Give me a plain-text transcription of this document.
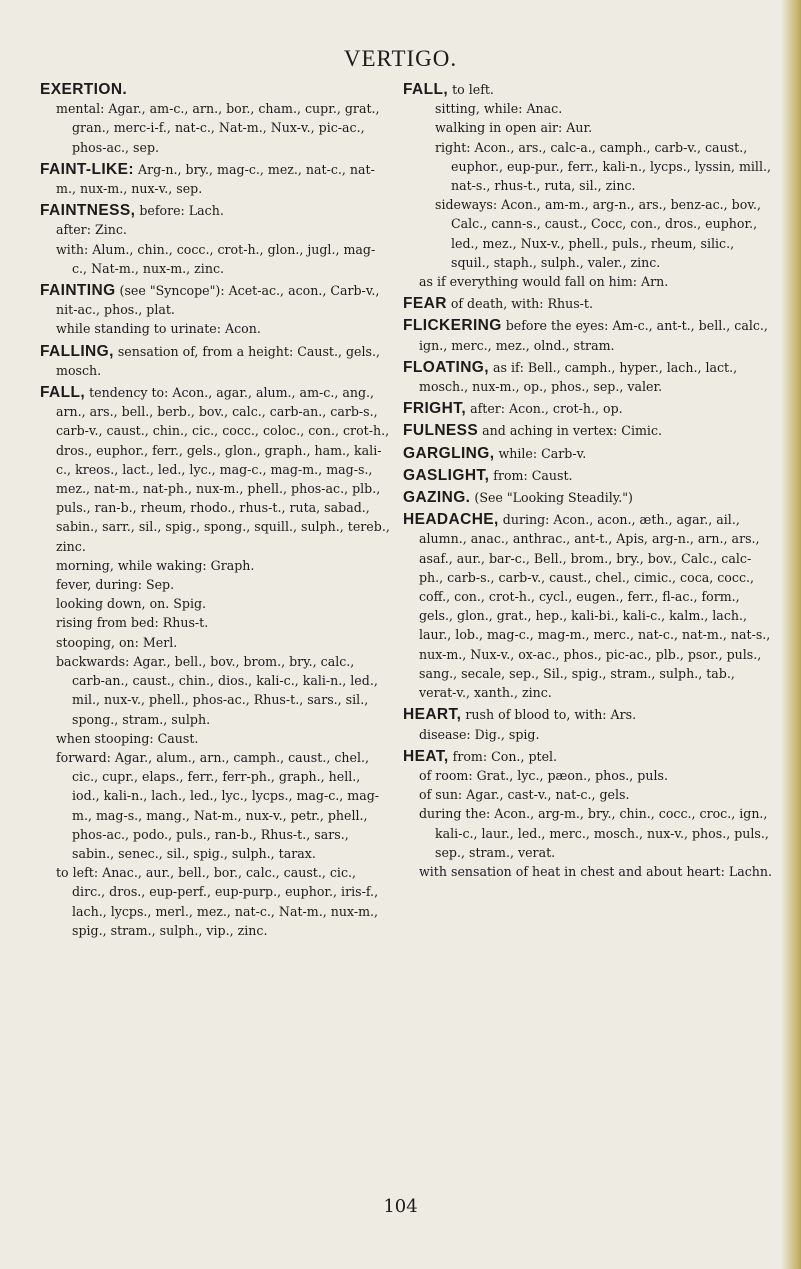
VERTIGO.
EXERTION.
mental: Agar., am-c., arn., bor., cham., cupr., grat., gran., merc-i-f., nat-c., Nat-m., Nux-v., pic-ac., phos-ac., sep.
FAINT-LIKE: Arg-n., bry., mag-c., mez., nat-c., nat-m., nux-m., nux-v., sep.
FAINTNESS, before: Lach.
after: Zinc.
with: Alum., chin., cocc., crot-h., glon., jugl., mag-c., Nat-m., nux-m., zinc.
FAINTING (see "Syncope"): Acet-ac., acon., Carb-v., nit-ac., phos., plat.
while standing to urinate: Acon.
FALLING, sensation of, from a height: Caust., gels., mosch.
FALL, tendency to: Acon., agar., alum., am-c., ang., arn., ars., bell., berb., bov., calc., carb-an., carb-s., carb-v., caust., chin., cic., cocc., coloc., con., crot-h., dros., euphor., ferr., gels., glon., graph., ham., kali-c., kreos., lact., led., lyc., mag-c., mag-m., mag-s., mez., nat-m., nat-ph., nux-m., phell., phos-ac., plb., puls., ran-b., rheum, rhodo., rhus-t., ruta, sabad., sabin., sarr., sil., spig., spong., squill., sulph., tereb., zinc.
morning, while waking: Graph.
fever, during: Sep.
looking down, on. Spig.
rising from bed: Rhus-t.
stooping, on: Merl.
backwards: Agar., bell., bov., brom., bry., calc., carb-an., caust., chin., dios., kali-c., kali-n., led., mil., nux-v., phell., phos-ac., Rhus-t., sars., sil., spong., stram., sulph.
when stooping: Caust.
forward: Agar., alum., arn., camph., caust., chel., cic., cupr., elaps., ferr., ferr-ph., graph., hell., iod., kali-n., lach., led., lyc., lycps., mag-c., mag-m., mag-s., mang., Nat-m., nux-v., petr., phell., phos-ac., podo., puls., ran-b., Rhus-t., sars., sabin., senec., sil., spig., sulph., tarax.
to left: Anac., aur., bell., bor., calc., caust., cic., dirc., dros., eup-perf., eup-purp., euphor., iris-f., lach., lycps., merl., mez., nat-c., Nat-m., nux-m., spig., stram., sulph., vip., zinc.
FALL, to left.
sitting, while: Anac.
walking in open air: Aur.
right: Acon., ars., calc-a., camph., carb-v., caust., euphor., eup-pur., ferr., kali-n., lycps., lyssin, mill., nat-s., rhus-t., ruta, sil., zinc.
sideways: Acon., am-m., arg-n., ars., benz-ac., bov., Calc., cann-s., caust., Cocc, con., dros., euphor., led., mez., Nux-v., phell., puls., rheum, silic., squil., staph., sulph., valer., zinc.
as if everything would fall on him: Arn.
FEAR of death, with: Rhus-t.
FLICKERING before the eyes: Am-c., ant-t., bell., calc., ign., merc., mez., olnd., stram.
FLOATING, as if: Bell., camph., hyper., lach., lact., mosch., nux-m., op., phos., sep., valer.
FRIGHT, after: Acon., crot-h., op.
FULNESS and aching in vertex: Cimic.
GARGLING, while: Carb-v.
GASLIGHT, from: Caust.
GAZING. (See "Looking Steadily.")
HEADACHE, during: Acon., acon., æth., agar., ail., alumn., anac., anthrac., ant-t., Apis, arg-n., arn., ars., asaf., aur., bar-c., Bell., brom., bry., bov., Calc., calc-ph., carb-s., carb-v., caust., chel., cimic., coca, cocc., coff., con., crot-h., cycl., eugen., ferr., fl-ac., form., gels., glon., grat., hep., kali-bi., kali-c., kalm., lach., laur., lob., mag-c., mag-m., merc., nat-c., nat-m., nat-s., nux-m., Nux-v., ox-ac., phos., pic-ac., plb., psor., puls., sang., secale, sep., Sil., spig., stram., sulph., tab., verat-v., xanth., zinc.
HEART, rush of blood to, with: Ars.
disease: Dig., spig.
HEAT, from: Con., ptel.
of room: Grat., lyc., pæon., phos., puls.
of sun: Agar., cast-v., nat-c., gels.
during the: Acon., arg-m., bry., chin., cocc., croc., ign., kali-c., laur., led., merc., mosch., nux-v., phos., puls., sep., stram., verat.
with sensation of heat in chest and about heart: Lachn.
104
